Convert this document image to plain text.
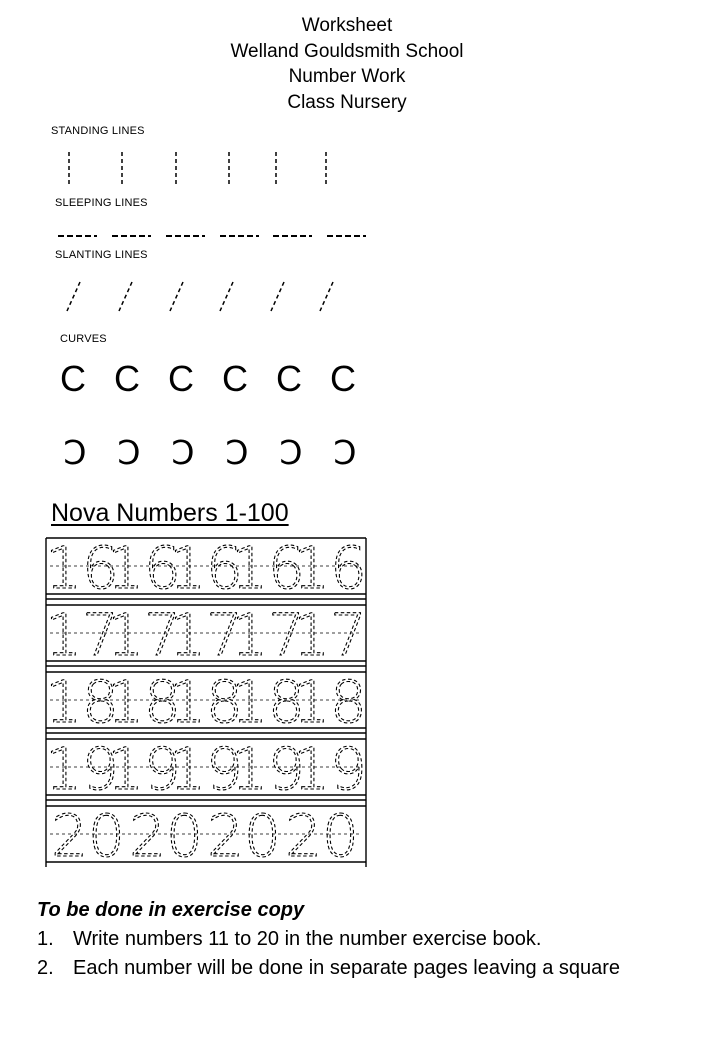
Worksheet
Welland Gouldsmith School
Number Work
Class Nursery
STANDING LINES
SLEEPING LINES
SLANTING LINES
CURVES
C C C C C C
Ɔ Ɔ Ɔ Ɔ Ɔ Ɔ
Nova Numbers 1-100
16
16
16
16
16
17
17
17
17
17
18
18
18
18
18
19
19
19
19
19
20 20 20 20
To be done in exercise copy
1. Write numbers 11 to 20 in the number exercise book.
2. Each number will be done in separate pages leaving a square
